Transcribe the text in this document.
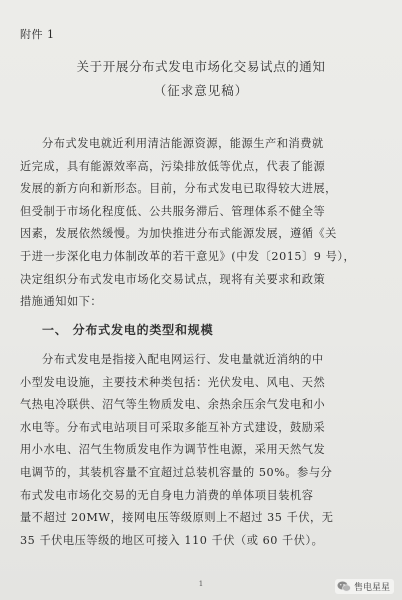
附件 1
关于开展分布式发电市场化交易试点的通知
（征求意见稿）
分布式发电就近利用清洁能源资源，能源生产和消费就
近完成，具有能源效率高，污染排放低等优点，代表了能源
发展的新方向和新形态。目前，分布式发电已取得较大进展，
但受制于市场化程度低、公共服务滞后、管理体系不健全等
因素，发展依然缓慢。为加快推进分布式能源发展，遵循《关
于进一步深化电力体制改革的若干意见》(中发〔2015〕9 号），
决定组织分布式发电市场化交易试点，现将有关要求和政策
措施通知如下：
一、 分布式发电的类型和规模
分布式发电是指接入配电网运行、发电量就近消纳的中
小型发电设施，主要技术种类包括：光伏发电、风电、天然
气热电冷联供、沼气等生物质发电、余热余压余气发电和小
水电等。分布式电站项目可采取多能互补方式建设，鼓励采
用小水电、沼气生物质发电作为调节性电源，采用天然气发
电调节的，其装机容量不宜超过总装机容量的 50%。参与分
布式发电市场化交易的无自身电力消费的单体项目装机容
量不超过 20MW，接网电压等级原则上不超过 35 千伏，无
35 千伏电压等级的地区可接入 110 千伏（或 60 千伏）。
1	售电星星
